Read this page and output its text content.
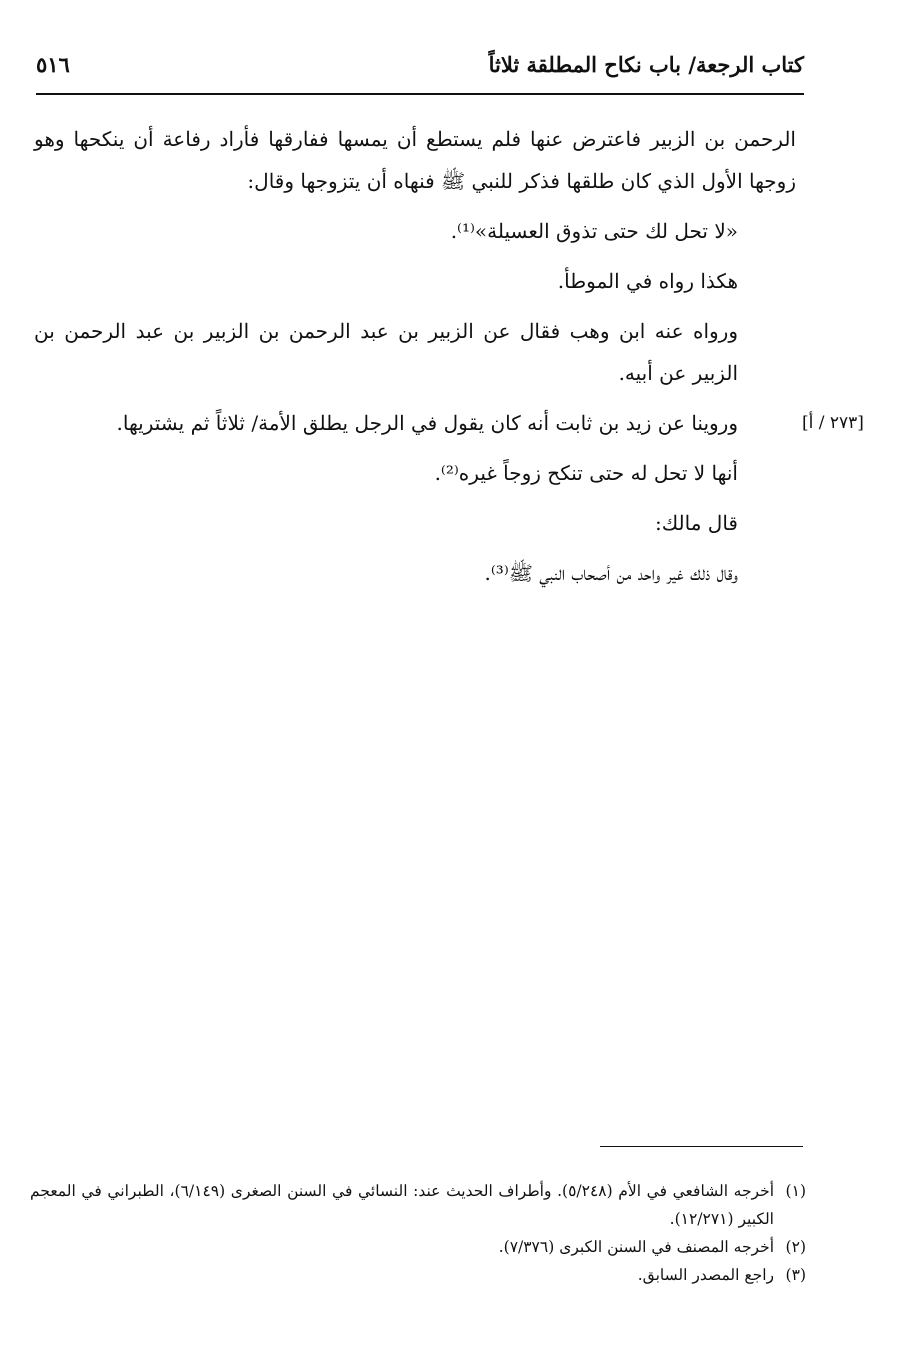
كتاب الرجعة/ باب نكاح المطلقة ثلاثاً
٥١٦
[٢٧٣ / أ]

الرحمن بن الزبير فاعترض عنها فلم يستطع أن يمسها ففارقها فأراد رفاعة أن ينكحها وهو زوجها الأول الذي كان طلقها فذكر للنبي ﷺ فنهاه أن يتزوجها وقال:

«لا تحل لك حتى تذوق العسيلة»⁽¹⁾.

هكذا رواه في الموطأ.

ورواه عنه ابن وهب فقال عن الزبير بن عبد الرحمن بن الزبير بن عبد الرحمن بن الزبير عن أبيه.

وروينا عن زيد بن ثابت أنه كان يقول في الرجل يطلق الأمة/ ثلاثاً ثم يشتريها.

أنها لا تحل له حتى تنكح زوجاً غيره⁽²⁾.

قال مالك:

وقال ذلك غير واحد من أصحاب النبي ﷺ⁽³⁾.

(١)
أخرجه الشافعي في الأم (٥/٢٤٨). وأطراف الحديث عند: النسائي في السنن الصغرى (٦/١٤٩)، الطبراني في المعجم الكبير (١٢/٢٧١).
(٢)
أخرجه المصنف في السنن الكبرى (٧/٣٧٦).
(٣)
راجع المصدر السابق.
